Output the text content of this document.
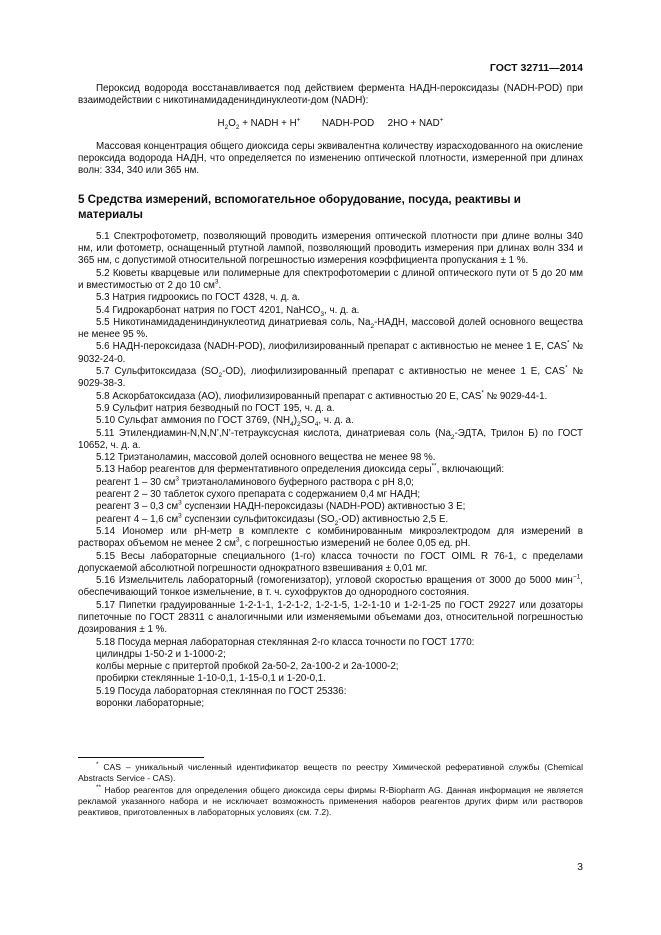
ГОСТ 32711—2014

Пероксид водорода восстанавливается под действием фермента НАДН-пероксидазы (NADH-POD) при взаимодействии с никотинамидадениндинуклеоти-дом (NADH):

$H_2O_2$ + NADH + H+ NADH-POD 2HO + NAD+

Массовая концентрация общего диоксида серы эквивалентна количеству израсходованного на окисление пероксида водорода НАДН, что определяется по изменению оптической плотности, измеренной при длинах волн: 334, 340 или 365 нм.

5 Средства измерений, вспомогательное оборудование, посуда, реактивы и материалы

5.1 Спектрофотометр, позволяющий проводить измерения оптической плотности при длине волны 340 нм, или фотометр, оснащенный ртутной лампой, позволяющий проводить измерения при длинах волн 334 и 365 нм, с допустимой относительной погрешностью измерения коэффициента пропускания ± 1 %.

5.2 Кюветы кварцевые или полимерные для спектрофотомерии с длиной оптического пути от 5 до 20 мм и вместимостью от 2 до 10 $см^3$.

5.3 Натрия гидроокись по ГОСТ 4328, ч. д. а.

5.4 Гидрокарбонат натрия по ГОСТ 4201, NaHCO$_3$, ч. д. а.

5.5 Никотинамидадениндинуклеотид динатриевая соль, $Na_2$-НАДН, массовой долей основного вещества не менее 95 %.

5.6 НАДН-пероксидаза (NADH-POD), лиофилизированный препарат с активностью не менее 1 Е, CAS* № 9032-24-0.

5.7 Сульфитоксидаза $(SO_2-OD)$, лиофилизированный препарат с активностью не менее 1 Е, CAS* № 9029-38-3.

5.8 Аскорбатоксидаза (АО), лиофилизированный препарат с активностью 20 Е, CAS* № 9029-44-1.

5.9 Сульфит натрия безводный по ГОСТ 195, ч. д. а.

5.10 Сульфат аммония по ГОСТ 3769, $(NH_4)_2SO_4$, ч. д. а.

5.11 Этилендиамин-N,N,N’,N’-тетрауксусная кислота, динатриевая соль ($Na_2$-ЭДТА, Трилон Б) по ГОСТ 10652, ч. д. а.

5.12 Триэтаноламин, массовой долей основного вещества не менее 98 %.

5.13 Набор реагентов для ферментативного определения диоксида серы**, включающий:

реагент 1 – 30 $см^3$ триэтаноламинового буферного раствора с pH 8,0;

реагент 2 – 30 таблеток сухого препарата с содержанием 0,4 мг НАДН;

реагент 3 – 0,3 $см^3$ суспензии НАДН-пероксидазы (NADH-POD) активностью 3 Е;

реагент 4 – 1,6 $см^3$ суспензии сульфитоксидазы $(SO_2-OD)$ активностью 2,5 Е.

5.14 Иономер или pH-метр в комплекте с комбинированным микроэлектродом для измерений в растворах объемом не менее 2 $см^3$, с погрешностью измерений не более 0,05 ед. pH.

5.15 Весы лабораторные специального (1-го) класса точности по ГОСТ OIML R 76-1, с пределами допускаемой абсолютной погрешности однократного взвешивания ± 0,01 мг.

5.16 Измельчитель лабораторный (гомогенизатор), угловой скоростью вращения от 3000 до 5000 мин$^{-1}$, обеспечивающий тонкое измельчение, в т. ч. сухофруктов до однородного состояния.

5.17 Пипетки градуированные 1-2-1-1, 1-2-1-2, 1-2-1-5, 1-2-1-10 и 1-2-1-25 по ГОСТ 29227 или дозаторы пипеточные по ГОСТ 28311 с аналогичными или изменяемыми объемами доз, относительной погрешностью дозирования ± 1 %.

5.18 Посуда мерная лабораторная стеклянная 2-го класса точности по ГОСТ 1770:

цилиндры 1-50-2 и 1-1000-2;

колбы мерные с притертой пробкой 2а-50-2, 2а-100-2 и 2а-1000-2;

пробирки стеклянные 1-10-0,1, 1-15-0,1 и 1-20-0,1.

5.19 Посуда лабораторная стеклянная по ГОСТ 25336:

воронки лабораторные;

* CAS – уникальный численный идентификатор веществ по реестру Химической реферативной службы (Chemical Abstracts Service - CAS).

** Набор реагентов для определения общего диоксида серы фирмы R-Biopharm AG. Данная информация не является рекламой указанного набора и не исключает возможность применения наборов реагентов других фирм или растворов реактивов, приготовленных в лабораторных условиях (см. 7.2).

3
